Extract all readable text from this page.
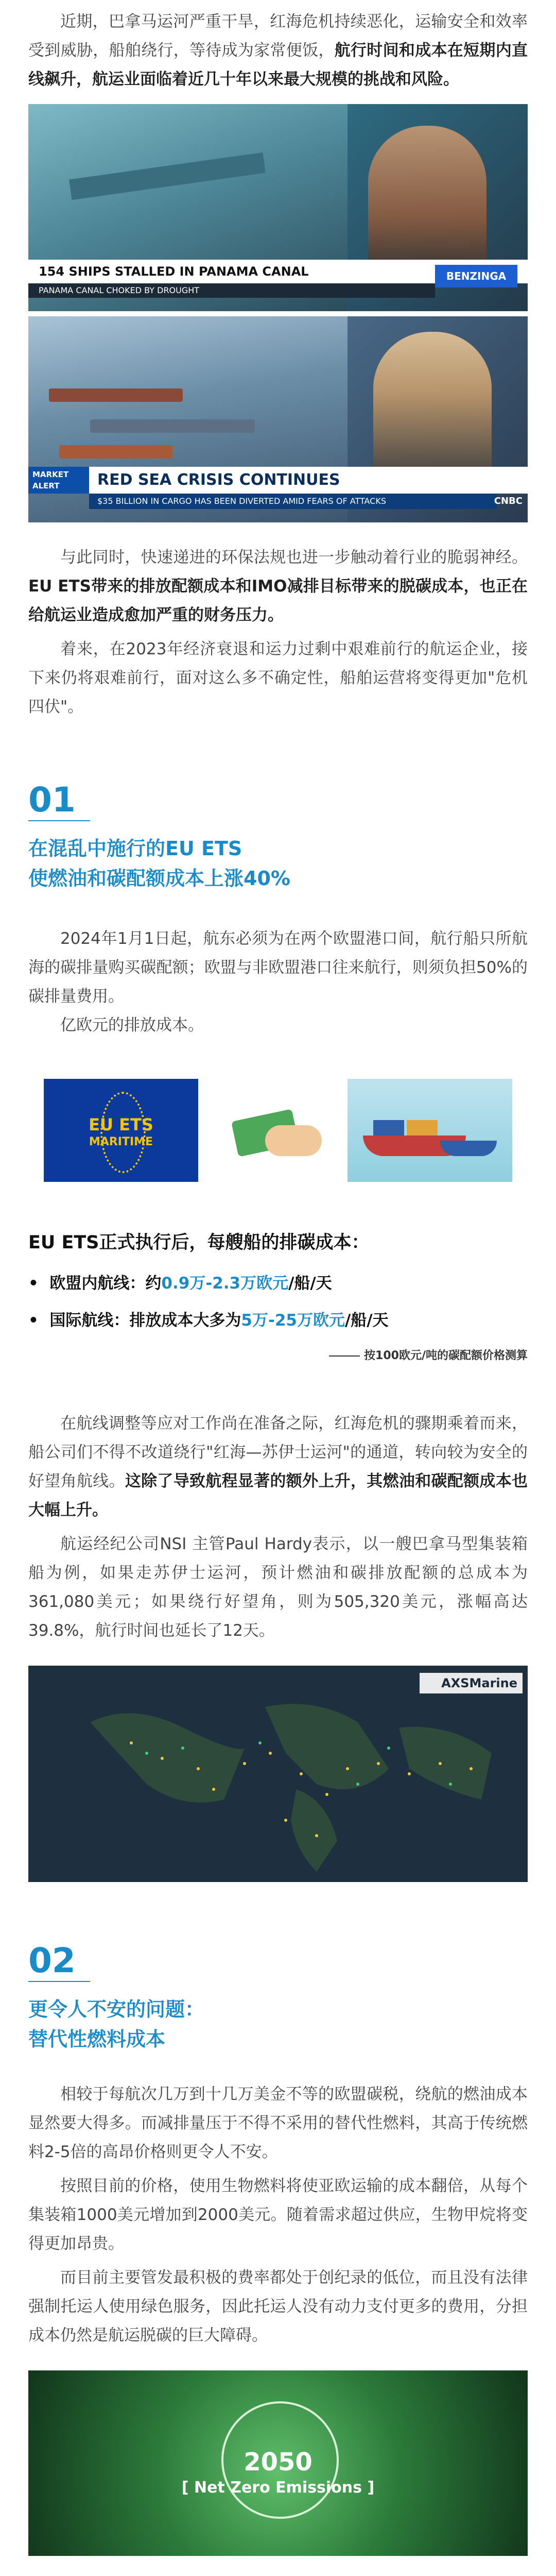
近期，巴拿马运河严重干旱，红海危机持续恶化，运输安全和效率受到威胁，船舶绕行，等待成为家常便饭，航行时间和成本在短期内直线飙升，航运业面临着近几十年以来最大规模的挑战和风险。

154 SHIPS STALLED IN PANAMA CANAL
PANAMA CANAL CHOKED BY DROUGHT
BENZINGA
MARKET ALERT	RED SEA CRISIS CONTINUES
$35 BILLION IN CARGO HAS BEEN DIVERTED AMID FEARS OF ATTACKS	CNBC

与此同时，快速递进的环保法规也进一步触动着行业的脆弱神经。EU ETS带来的排放配额成本和IMO减排目标带来的脱碳成本，也正在给航运业造成愈加严重的财务压力。

着来，在2023年经济衰退和运力过剩中艰难前行的航运企业，接下来仍将艰难前行，面对这么多不确定性，船舶运营将变得更加"危机四伏"。

01
在混乱中施行的EU ETS
使燃油和碳配额成本上涨40%

2024年1月1日起，航东必须为在两个欧盟港口间，航行船只所航海的碳排量购买碳配额；欧盟与非欧盟港口往来航行，则须负担50%的碳排量费用。

亿欧元的排放成本。

EU ETS
MARITIME
EU ETS正式执行后，每艘船的排碳成本：
•  欧盟内航线：约0.9万-2.3万欧元/船/天
•  国际航线：排放成本大多为5万-25万欧元/船/天
按100欧元/吨的碳配额价格测算

在航线调整等应对工作尚在准备之际，红海危机的骤期乘着而来，船公司们不得不改道绕行"红海—苏伊士运河"的通道，转向较为安全的好望角航线。这除了导致航程显著的额外上升，其燃油和碳配额成本也大幅上升。

航运经纪公司NSI 主管Paul Hardy表示，以一艘巴拿马型集装箱船为例，如果走苏伊士运河，预计燃油和碳排放配额的总成本为361,080美元；如果绕行好望角，则为505,320美元，涨幅高达39.8%，航行时间也延长了12天。

AXSMarine
02
更令人不安的问题：
替代性燃料成本

相较于每航次几万到十几万美金不等的欧盟碳税，绕航的燃油成本显然要大得多。而减排量压于不得不采用的替代性燃料，其高于传统燃料2-5倍的高昂价格则更令人不安。

按照目前的价格，使用生物燃料将使亚欧运输的成本翻倍，从每个集装箱1000美元增加到2000美元。随着需求超过供应，生物甲烷将变得更加昂贵。

而目前主要管发最积极的费率都处于创纪录的低位，而且没有法律强制托运人使用绿色服务，因此托运人没有动力支付更多的费用，分担成本仍然是航运脱碳的巨大障碍。

2050
[ Net Zero Emissions ]
